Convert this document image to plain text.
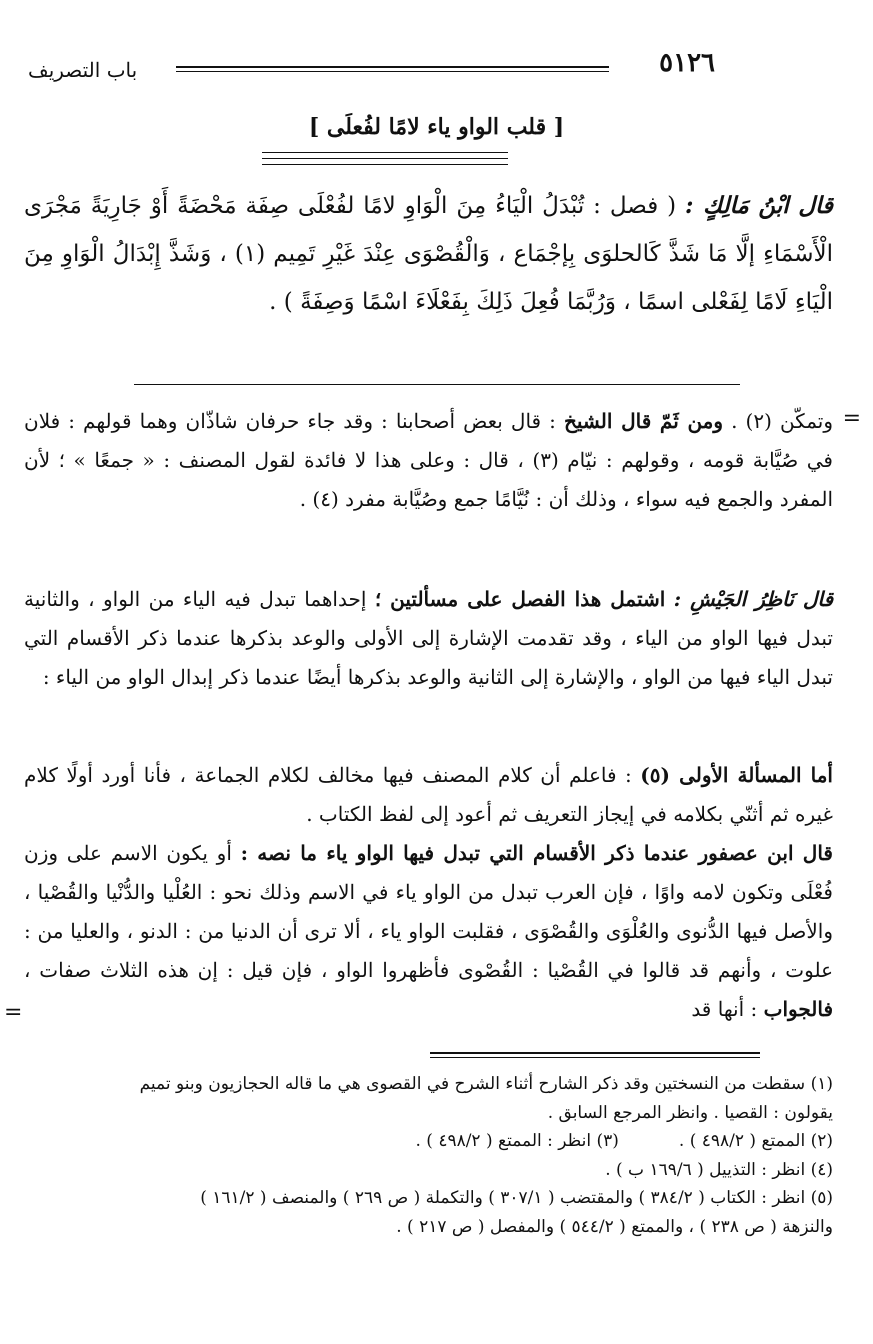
٥١٢٦
باب التصريف
[ قلب الواو ياء لامًا لفُعلَى ]
قال ابْنُ مَالِكٍ : ( فصل : تُبْدَلُ الْيَاءُ مِنَ الْوَاوِ لامًا لفُعْلَى صِفَة مَحْضَةً أَوْ جَارِيَةً مَجْرَى الْأَسْمَاءِ إلَّا مَا شَذَّ كَالحلوَى بِإجْمَاع ، وَالْقُصْوَى عِنْدَ غَيْرِ تَمِيم (١) ، وَشَذَّ إِبْدَالُ الْوَاوِ مِنَ الْيَاءِ لَامًا لِفَعْلى اسمًا ، وَرُبَّمَا فُعِلَ ذَلِكَ بِفَعْلَاءَ اسْمًا وَصِفَةً ) .
=
وتمكّن (٢) . ومن ثَمّ قال الشيخ : قال بعض أصحابنا : وقد جاء حرفان شاذّان وهما قولهم : فلان في صُيَّابة قومه ، وقولهم : نيّام (٣) ، قال : وعلى هذا لا فائدة لقول المصنف : « جمعًا » ؛ لأن المفرد والجمع فيه سواء ، وذلك أن : نُيَّامًا جمع وصُيَّابة مفرد (٤) .
قال نَاظِرُ الجَيْشِ : اشتمل هذا الفصل على مسألتين ؛ إحداهما تبدل فيه الياء من الواو ، والثانية تبدل فيها الواو من الياء ، وقد تقدمت الإشارة إلى الأولى والوعد بذكرها عندما ذكر الأقسام التي تبدل الياء فيها من الواو ، والإشارة إلى الثانية والوعد بذكرها أيضًا عندما ذكر إبدال الواو من الياء :
أما المسألة الأولى (٥) : فاعلم أن كلام المصنف فيها مخالف لكلام الجماعة ، فأنا أورد أولًا كلام غيره ثم أثنّي بكلامه في إيجاز التعريف ثم أعود إلى لفظ الكتاب .
قال ابن عصفور عندما ذكر الأقسام التي تبدل فيها الواو ياء ما نصه : أو يكون الاسم على وزن فُعْلَى وتكون لامه واوًا ، فإن العرب تبدل من الواو ياء في الاسم وذلك نحو : العُلْيا والدُّنْيا والقُصْيا ، والأصل فيها الدُّنوى والعُلْوَى والقُصْوَى ، فقلبت الواو ياء ، ألا ترى أن الدنيا من : الدنو ، والعليا من : علوت ، وأنهم قد قالوا في القُصْيا : القُصْوى فأظهروا الواو ، فإن قيل : إن هذه الثلاث صفات ، فالجواب : أنها قد
=
(١) سقطت من النسختين وقد ذكر الشارح أثناء الشرح في القصوى هي ما قاله الحجازيون وبنو تميم
يقولون : القصيا . وانظر المرجع السابق .
(٢) الممتع ( ٤٩٨/٢ ) .
(٣) انظر : الممتع ( ٤٩٨/٢ ) .
(٤) انظر : التذييل ( ١٦٩/٦ ب ) .
(٥) انظر : الكتاب ( ٣٨٤/٢ ) والمقتضب ( ٣٠٧/١ ) والتكملة ( ص ٢٦٩ ) والمنصف ( ١٦١/٢ )
والنزهة ( ص ٢٣٨ ) ، والممتع ( ٥٤٤/٢ ) والمفصل ( ص ٢١٧ ) .
